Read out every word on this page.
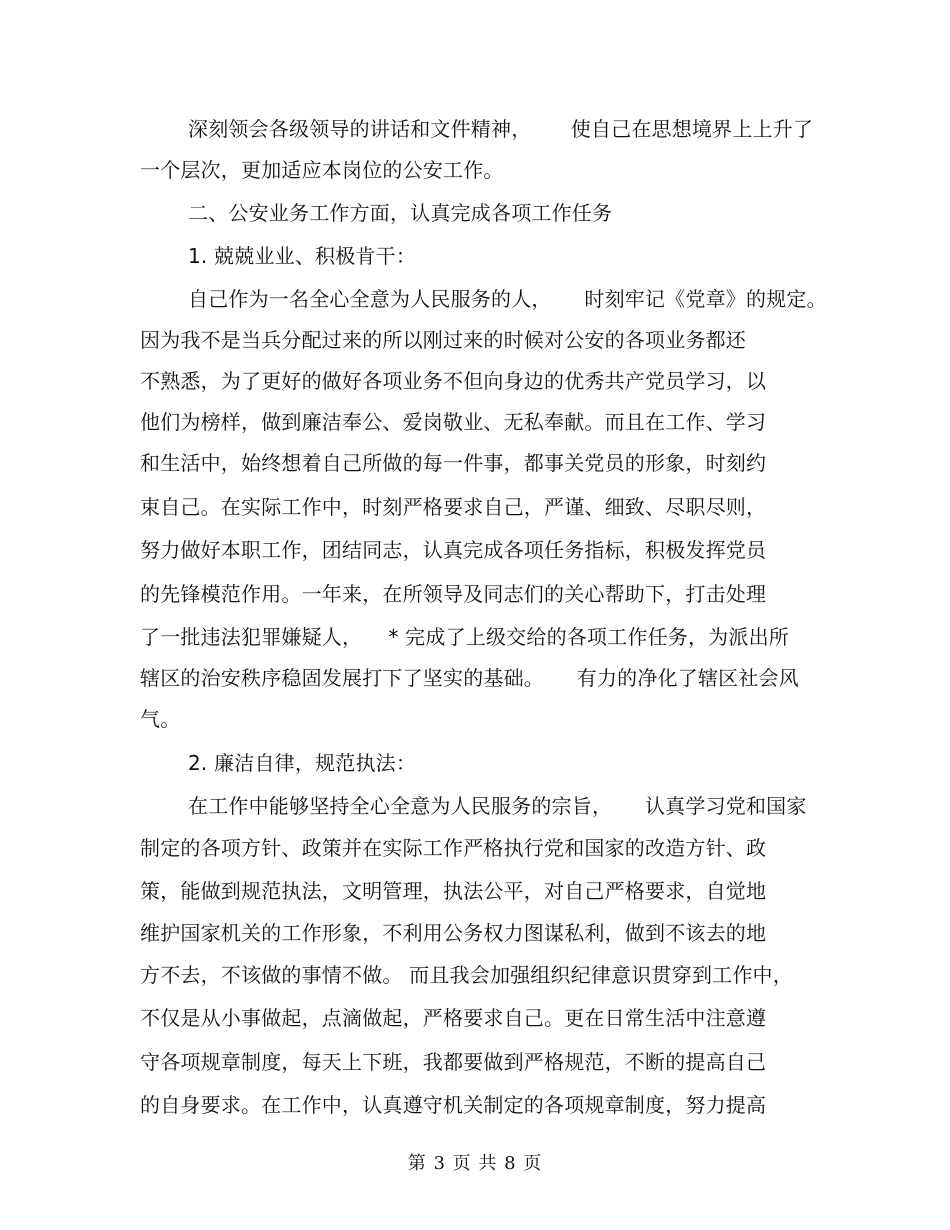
深刻领会各级领导的讲话和文件精神，      使自己在思想境界上上升了
一个层次，更加适应本岗位的公安工作。
二、公安业务工作方面，认真完成各项工作任务
1. 兢兢业业、积极肯干：
自己作为一名全心全意为人民服务的人，     时刻牢记《党章》的规定。
因为我不是当兵分配过来的所以刚过来的时候对公安的各项业务都还
不熟悉，为了更好的做好各项业务不但向身边的优秀共产党员学习，以
他们为榜样，做到廉洁奉公、爱岗敬业、无私奉献。而且在工作、学习
和生活中，始终想着自己所做的每一件事，都事关党员的形象，时刻约
束自己。在实际工作中，时刻严格要求自己，严谨、细致、尽职尽则，
努力做好本职工作，团结同志，认真完成各项任务指标，积极发挥党员
的先锋模范作用。一年来，在所领导及同志们的关心帮助下，打击处理
了一批违法犯罪嫌疑人，    * 完成了上级交给的各项工作任务，为派出所
辖区的治安秩序稳固发展打下了坚实的基础。     有力的净化了辖区社会风
气。
2. 廉洁自律，规范执法：
在工作中能够坚持全心全意为人民服务的宗旨，     认真学习党和国家
制定的各项方针、政策并在实际工作严格执行党和国家的改造方针、政
策，能做到规范执法，文明管理，执法公平，对自己严格要求，自觉地
维护国家机关的工作形象，不利用公务权力图谋私利，做到不该去的地
方不去，不该做的事情不做。 而且我会加强组织纪律意识贯穿到工作中，
不仅是从小事做起，点滴做起，严格要求自己。更在日常生活中注意遵
守各项规章制度，每天上下班，我都要做到严格规范，不断的提高自己
的自身要求。在工作中，认真遵守机关制定的各项规章制度，努力提高
第 3 页 共 8 页
